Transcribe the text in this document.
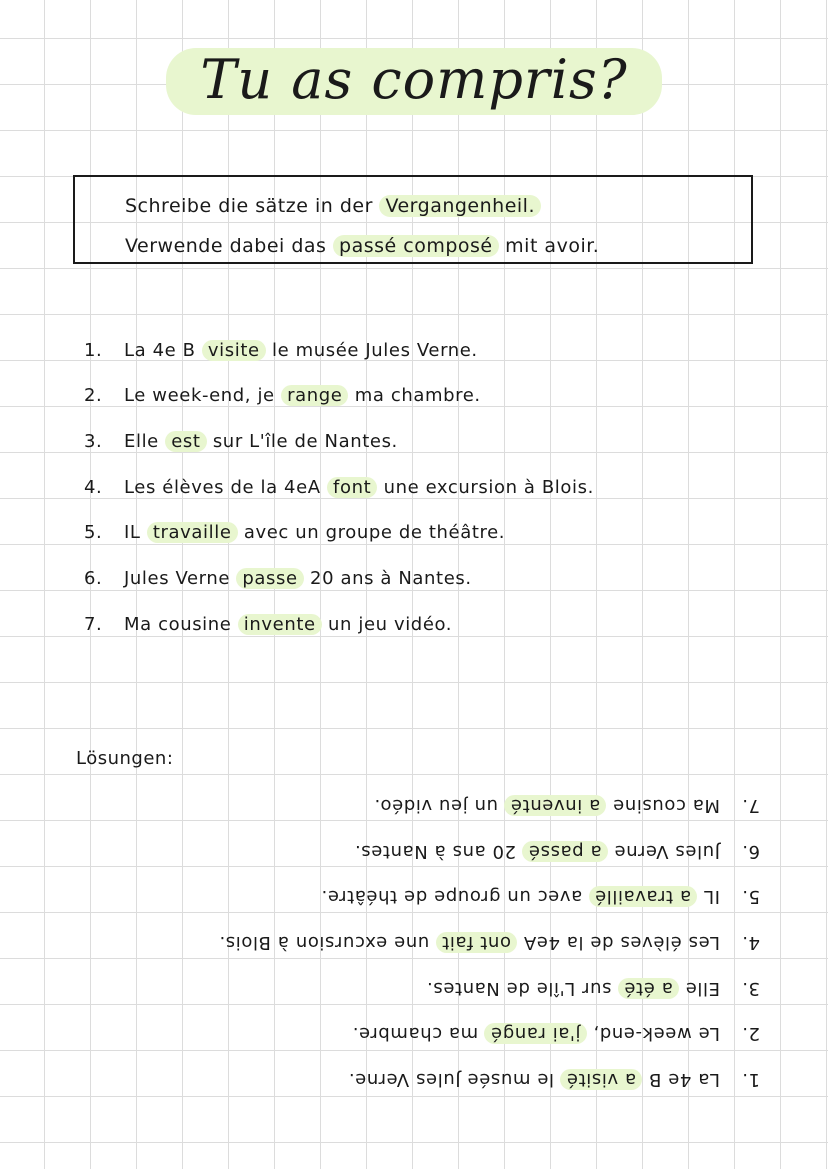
Tu as compris?
Schreibe die sätze in der Vergangenheil.
Verwende dabei das passé composé mit avoir.
1. La 4e B visite le musée Jules Verne.
2. Le week-end, je range ma chambre.
3. Elle est sur L'île de Nantes.
4. Les élèves de la 4eA font une excursion à Blois.
5. IL travaille avec un groupe de théâtre.
6. Jules Verne passe 20 ans à Nantes.
7. Ma cousine invente un jeu vidéo.
Lösungen:
1.La 4e B a visité le musée Jules Verne.
2.Le week-end, j'ai rangé ma chambre.
3.Elle a été sur L'île de Nantes.
4.Les élèves de la 4eA ont fait une excursion à Blois.
5.IL a travaillé avec un groupe de théâtre.
6.Jules Verne a passé 20 ans à Nantes.
7.Ma cousine a inventé un jeu vidéo.
